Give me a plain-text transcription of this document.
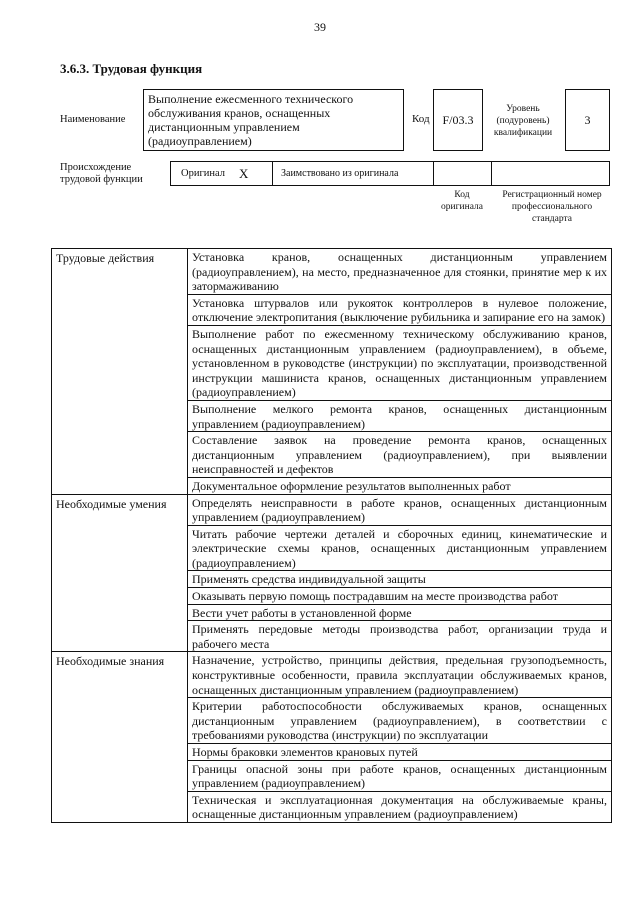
39
3.6.3. Трудовая функция
Наименование
Выполнение ежесменного технического обслуживания кранов, оснащенных дистанционным управлением (радиоуправлением)
Код F/03.3
Уровень (подуровень) квалификации
3
Происхождение трудовой функции
Оригинал X	Заимствовано из оригинала
Код оригинала
Регистрационный номер профессионального стандарта
Трудовые действия	Установка кранов, оснащенных дистанционным управлением (радиоуправлением), на место, предназначенное для стоянки, принятие мер к их затормаживанию
	Установка штурвалов или рукояток контроллеров в нулевое положение, отключение электропитания (выключение рубильника и запирание его на замок)
	Выполнение работ по ежесменному техническому обслуживанию кранов, оснащенных дистанционным управлением (радиоуправлением), в объеме, установленном в руководстве (инструкции) по эксплуатации, производственной инструкции машиниста кранов, оснащенных дистанционным управлением (радиоуправлением)
	Выполнение мелкого ремонта кранов, оснащенных дистанционным управлением (радиоуправлением)
	Составление заявок на проведение ремонта кранов, оснащенных дистанционным управлением (радиоуправлением), при выявлении неисправностей и дефектов
	Документальное оформление результатов выполненных работ
Необходимые умения	Определять неисправности в работе кранов, оснащенных дистанционным управлением (радиоуправлением)
	Читать рабочие чертежи деталей и сборочных единиц, кинематические и электрические схемы кранов, оснащенных дистанционным управлением (радиоуправлением)
	Применять средства индивидуальной защиты
	Оказывать первую помощь пострадавшим на месте производства работ
	Вести учет работы в установленной форме
	Применять передовые методы производства работ, организации труда и рабочего места
Необходимые знания	Назначение, устройство, принципы действия, предельная грузоподъемность, конструктивные особенности, правила эксплуатации обслуживаемых кранов, оснащенных дистанционным управлением (радиоуправлением)
	Критерии работоспособности обслуживаемых кранов, оснащенных дистанционным управлением (радиоуправлением), в соответствии с требованиями руководства (инструкции) по эксплуатации
	Нормы браковки элементов крановых путей
	Границы опасной зоны при работе кранов, оснащенных дистанционным управлением (радиоуправлением)
	Техническая и эксплуатационная документация на обслуживаемые краны, оснащенные дистанционным управлением (радиоуправлением)
